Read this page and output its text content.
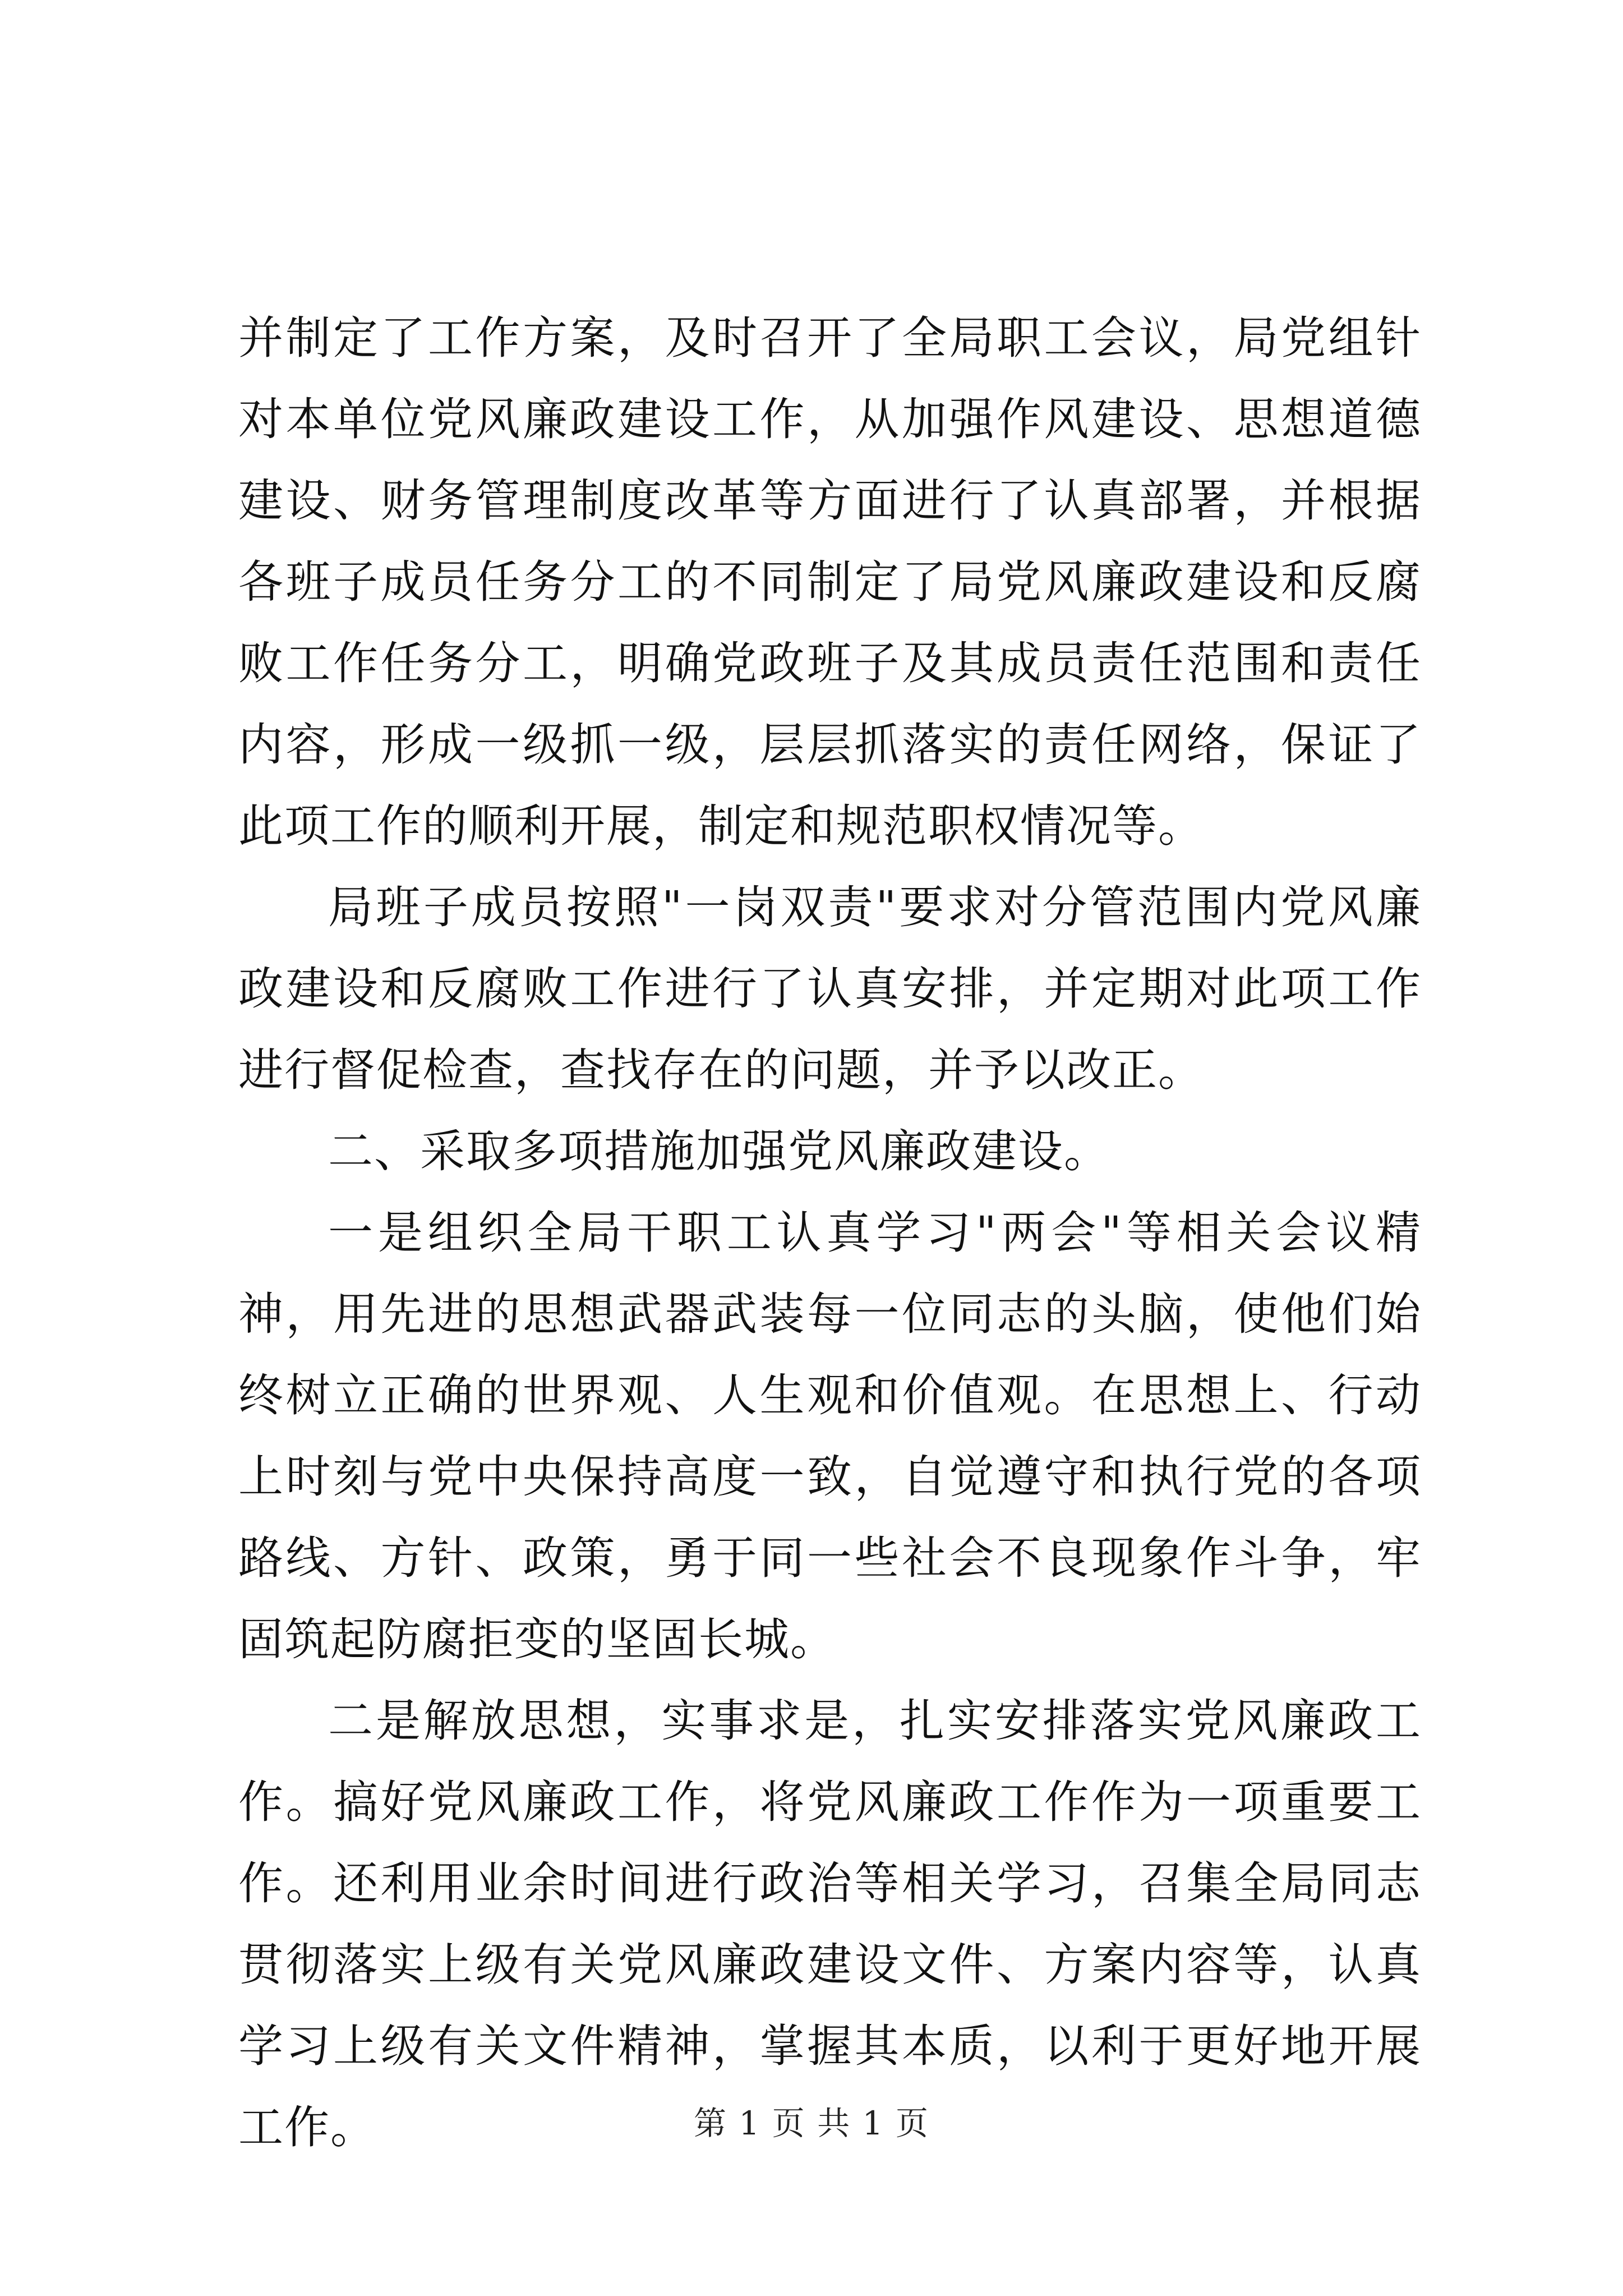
并制定了工作方案，及时召开了全局职工会议，局党组针对本单位党风廉政建设工作，从加强作风建设、思想道德建设、财务管理制度改革等方面进行了认真部署，并根据各班子成员任务分工的不同制定了局党风廉政建设和反腐败工作任务分工，明确党政班子及其成员责任范围和责任内容，形成一级抓一级，层层抓落实的责任网络，保证了此项工作的顺利开展，制定和规范职权情况等。

局班子成员按照"一岗双责"要求对分管范围内党风廉政建设和反腐败工作进行了认真安排，并定期对此项工作进行督促检查，查找存在的问题，并予以改正。

二、采取多项措施加强党风廉政建设。

一是组织全局干职工认真学习"两会"等相关会议精神，用先进的思想武器武装每一位同志的头脑，使他们始终树立正确的世界观、人生观和价值观。在思想上、行动上时刻与党中央保持高度一致，自觉遵守和执行党的各项路线、方针、政策，勇于同一些社会不良现象作斗争，牢固筑起防腐拒变的坚固长城。

二是解放思想，实事求是，扎实安排落实党风廉政工作。搞好党风廉政工作，将党风廉政工作作为一项重要工作。还利用业余时间进行政治等相关学习，召集全局同志贯彻落实上级有关党风廉政建设文件、方案内容等，认真学习上级有关文件精神，掌握其本质，以利于更好地开展工作。	第 1 页 共 1 页
